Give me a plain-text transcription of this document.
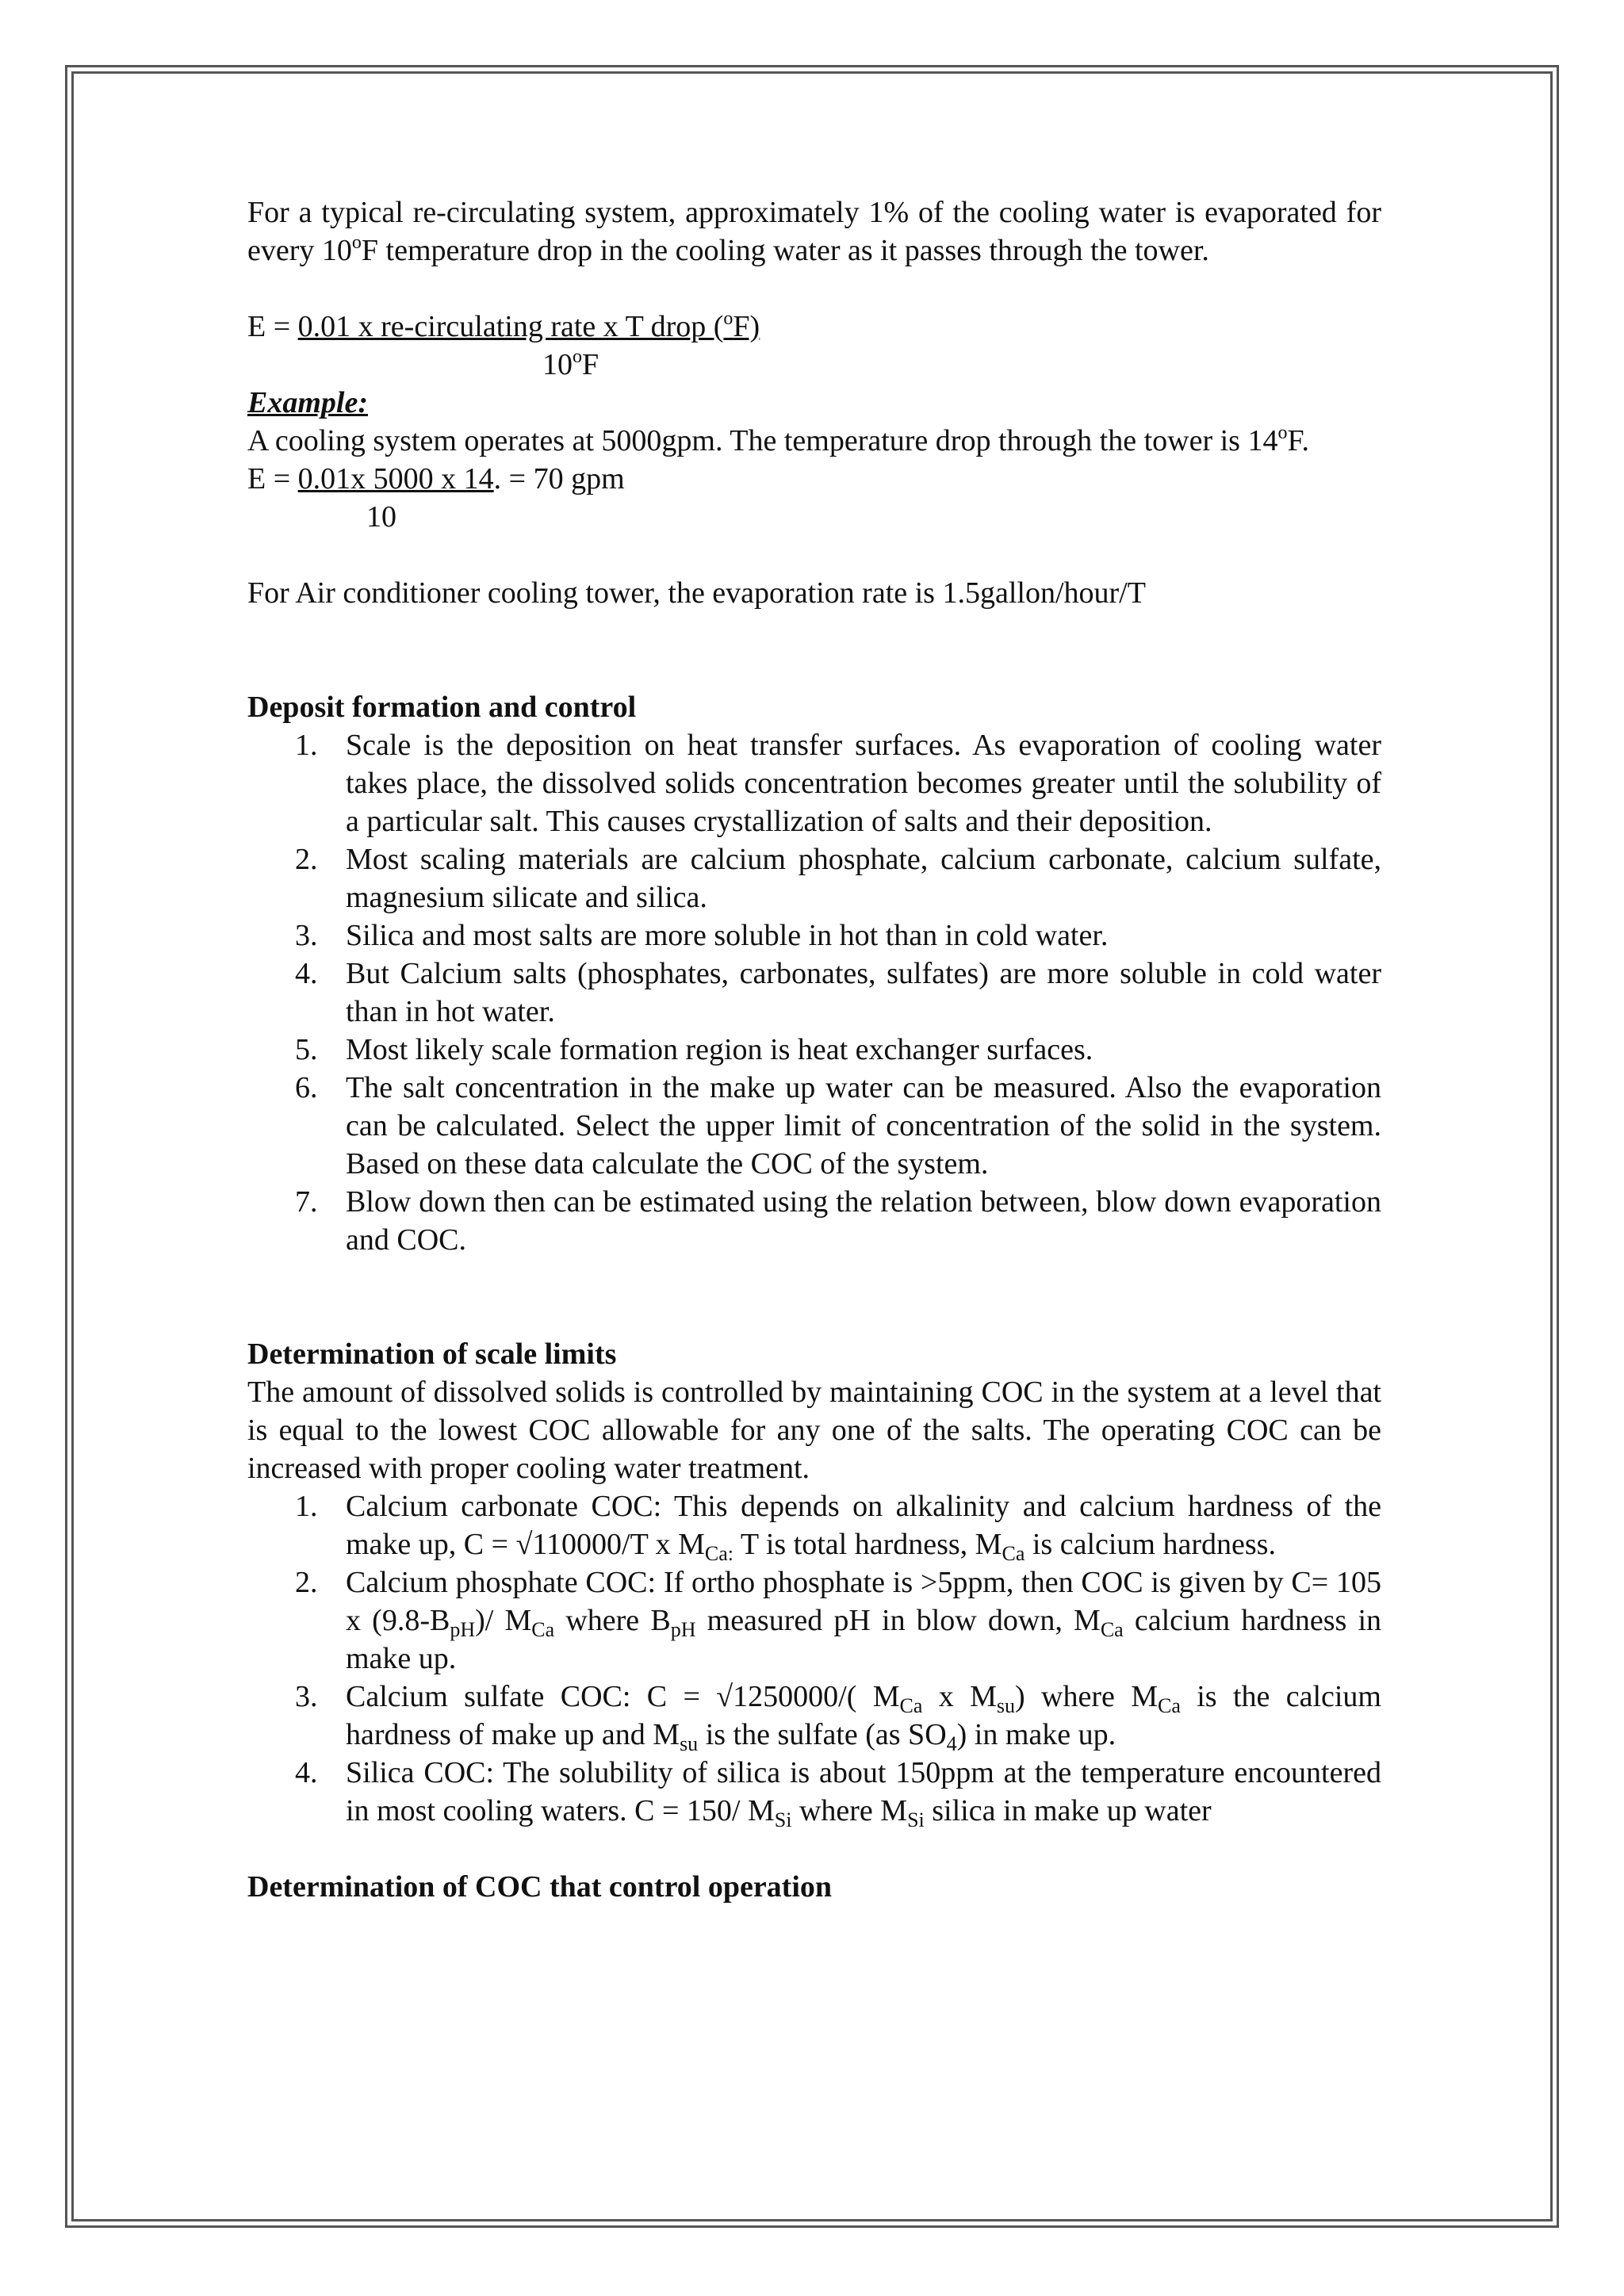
For a typical re-circulating system, approximately 1% of the cooling water is evaporated for every 10$^o$F temperature drop in the cooling water as it passes through the tower.

E = 0.01 x re-circulating rate x T drop ($^o$F)

10$^o$F

Example:

A cooling system operates at 5000gpm. The temperature drop through the tower is 14$^o$F.

E = 0.01x 5000 x 14. = 70 gpm

10

For Air conditioner cooling tower, the evaporation rate is 1.5gallon/hour/T

Deposit formation and control

1. Scale is the deposition on heat transfer surfaces. As evaporation of cooling water takes place, the dissolved solids concentration becomes greater until the solubility of a particular salt. This causes crystallization of salts and their deposition.
2. Most scaling materials are calcium phosphate, calcium carbonate, calcium sulfate, magnesium silicate and silica.
3. Silica and most salts are more soluble in hot than in cold water.
4. But Calcium salts (phosphates, carbonates, sulfates) are more soluble in cold water than in hot water.
5. Most likely scale formation region is heat exchanger surfaces.
6. The salt concentration in the make up water can be measured. Also the evaporation can be calculated. Select the upper limit of concentration of the solid in the system. Based on these data calculate the COC of the system.
7. Blow down then can be estimated using the relation between, blow down evaporation and COC.

Determination of scale limits

The amount of dissolved solids is controlled by maintaining COC in the system at a level that is equal to the lowest COC allowable for any one of the salts. The operating COC can be increased with proper cooling water treatment.

1. Calcium carbonate COC: This depends on alkalinity and calcium hardness of the make up, C = √110000/T x $M_{Ca:}$ T is total hardness, $M_{Ca}$ is calcium hardness.
2. Calcium phosphate COC: If ortho phosphate is >5ppm, then COC is given by C= 105 x $(9.8-B_{pH})/$ $M_{Ca}$ where $B_{pH}$ measured pH in blow down, $M_{Ca}$ calcium hardness in make up.
3. Calcium sulfate COC: C = √1250000/( $M_{Ca}$ x $M_{su}$) where $M_{Ca}$ is the calcium hardness of make up and $M_{su}$ is the sulfate (as $SO_4$) in make up.
4. Silica COC: The solubility of silica is about 150ppm at the temperature encountered in most cooling waters. C = 150/ $M_{Si}$ where $M_{Si}$ silica in make up water

Determination of COC that control operation
